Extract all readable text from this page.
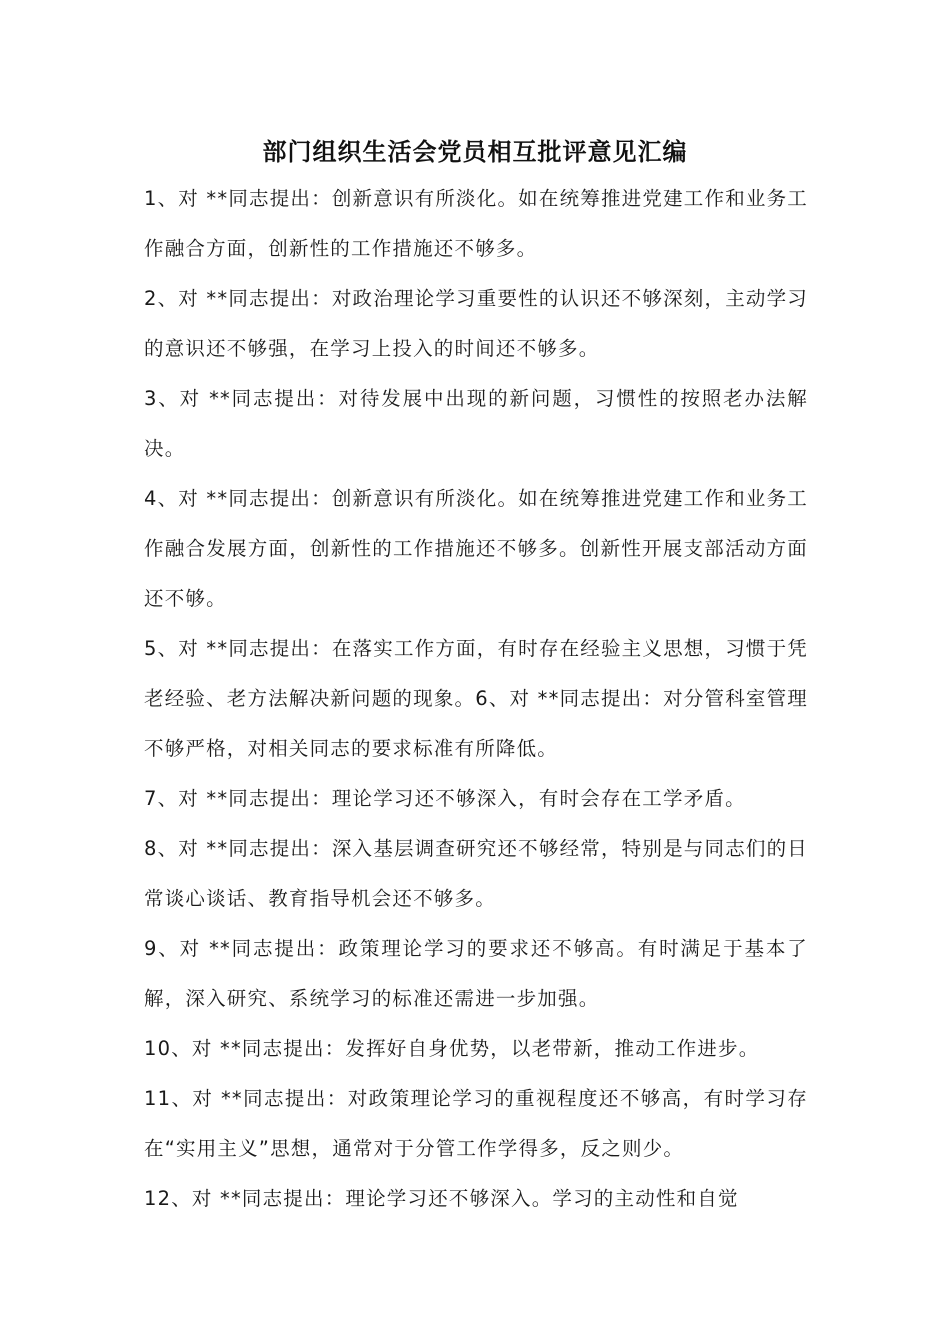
部门组织生活会党员相互批评意见汇编

1、对 **同志提出：创新意识有所淡化。如在统筹推进党建工作和业务工作融合方面，创新性的工作措施还不够多。

2、对 **同志提出：对政治理论学习重要性的认识还不够深刻，主动学习的意识还不够强，在学习上投入的时间还不够多。

3、对 **同志提出：对待发展中出现的新问题，习惯性的按照老办法解决。

4、对 **同志提出：创新意识有所淡化。如在统筹推进党建工作和业务工作融合发展方面，创新性的工作措施还不够多。创新性开展支部活动方面还不够。

5、对 **同志提出：在落实工作方面，有时存在经验主义思想，习惯于凭老经验、老方法解决新问题的现象。6、对 **同志提出：对分管科室管理不够严格，对相关同志的要求标准有所降低。

7、对 **同志提出：理论学习还不够深入，有时会存在工学矛盾。

8、对 **同志提出：深入基层调查研究还不够经常，特别是与同志们的日常谈心谈话、教育指导机会还不够多。

9、对 **同志提出：政策理论学习的要求还不够高。有时满足于基本了解，深入研究、系统学习的标准还需进一步加强。

10、对 **同志提出：发挥好自身优势，以老带新，推动工作进步。

11、对 **同志提出：对政策理论学习的重视程度还不够高，有时学习存在“实用主义”思想，通常对于分管工作学得多，反之则少。

12、对 **同志提出：理论学习还不够深入。学习的主动性和自觉
